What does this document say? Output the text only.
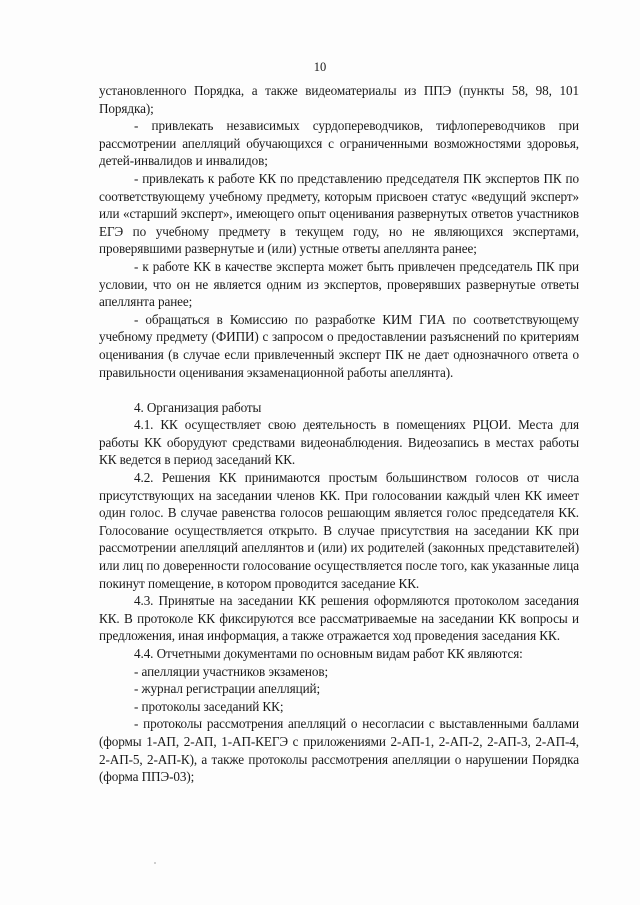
10

установленного Порядка, а также видеоматериалы из ППЭ (пункты 58, 98, 101 Порядка);

- привлекать независимых сурдопереводчиков, тифлопереводчиков при рассмотрении апелляций обучающихся с ограниченными возможностями здоровья, детей-инвалидов и инвалидов;

- привлекать к работе КК по представлению председателя ПК экспертов ПК по соответствующему учебному предмету, которым присвоен статус «ведущий эксперт» или «старший эксперт», имеющего опыт оценивания развернутых ответов участников ЕГЭ по учебному предмету в текущем году, но не являющихся экспертами, проверявшими развернутые и (или) устные ответы апеллянта ранее;

- к работе КК в качестве эксперта может быть привлечен председатель ПК при условии, что он не является одним из экспертов, проверявших развернутые ответы апеллянта ранее;

- обращаться в Комиссию по разработке КИМ ГИА по соответствующему учебному предмету (ФИПИ) с запросом о предоставлении разъяснений по критериям оценивания (в случае если привлеченный эксперт ПК не дает однозначного ответа о правильности оценивания экзаменационной работы апеллянта).

4. Организация работы

4.1. КК осуществляет свою деятельность в помещениях РЦОИ. Места для работы КК оборудуют средствами видеонаблюдения. Видеозапись в местах работы КК ведется в период заседаний КК.

4.2. Решения КК принимаются простым большинством голосов от числа присутствующих на заседании членов КК. При голосовании каждый член КК имеет один голос. В случае равенства голосов решающим является голос председателя КК. Голосование осуществляется открыто. В случае присутствия на заседании КК при рассмотрении апелляций апеллянтов и (или) их родителей (законных представителей) или лиц по доверенности голосование осуществляется после того, как указанные лица покинут помещение, в котором проводится заседание КК.

4.3. Принятые на заседании КК решения оформляются протоколом заседания КК. В протоколе КК фиксируются все рассматриваемые на заседании КК вопросы и предложения, иная информация, а также отражается ход проведения заседания КК.

4.4. Отчетными документами по основным видам работ КК являются:

- апелляции участников экзаменов;

- журнал регистрации апелляций;

- протоколы заседаний КК;

- протоколы рассмотрения апелляций о несогласии с выставленными баллами (формы 1-АП, 2-АП, 1-АП-КЕГЭ с приложениями 2-АП-1, 2-АП-2, 2-АП-3, 2-АП-4, 2-АП-5, 2-АП-К), а также протоколы рассмотрения апелляции о нарушении Порядка (форма ППЭ-03);
